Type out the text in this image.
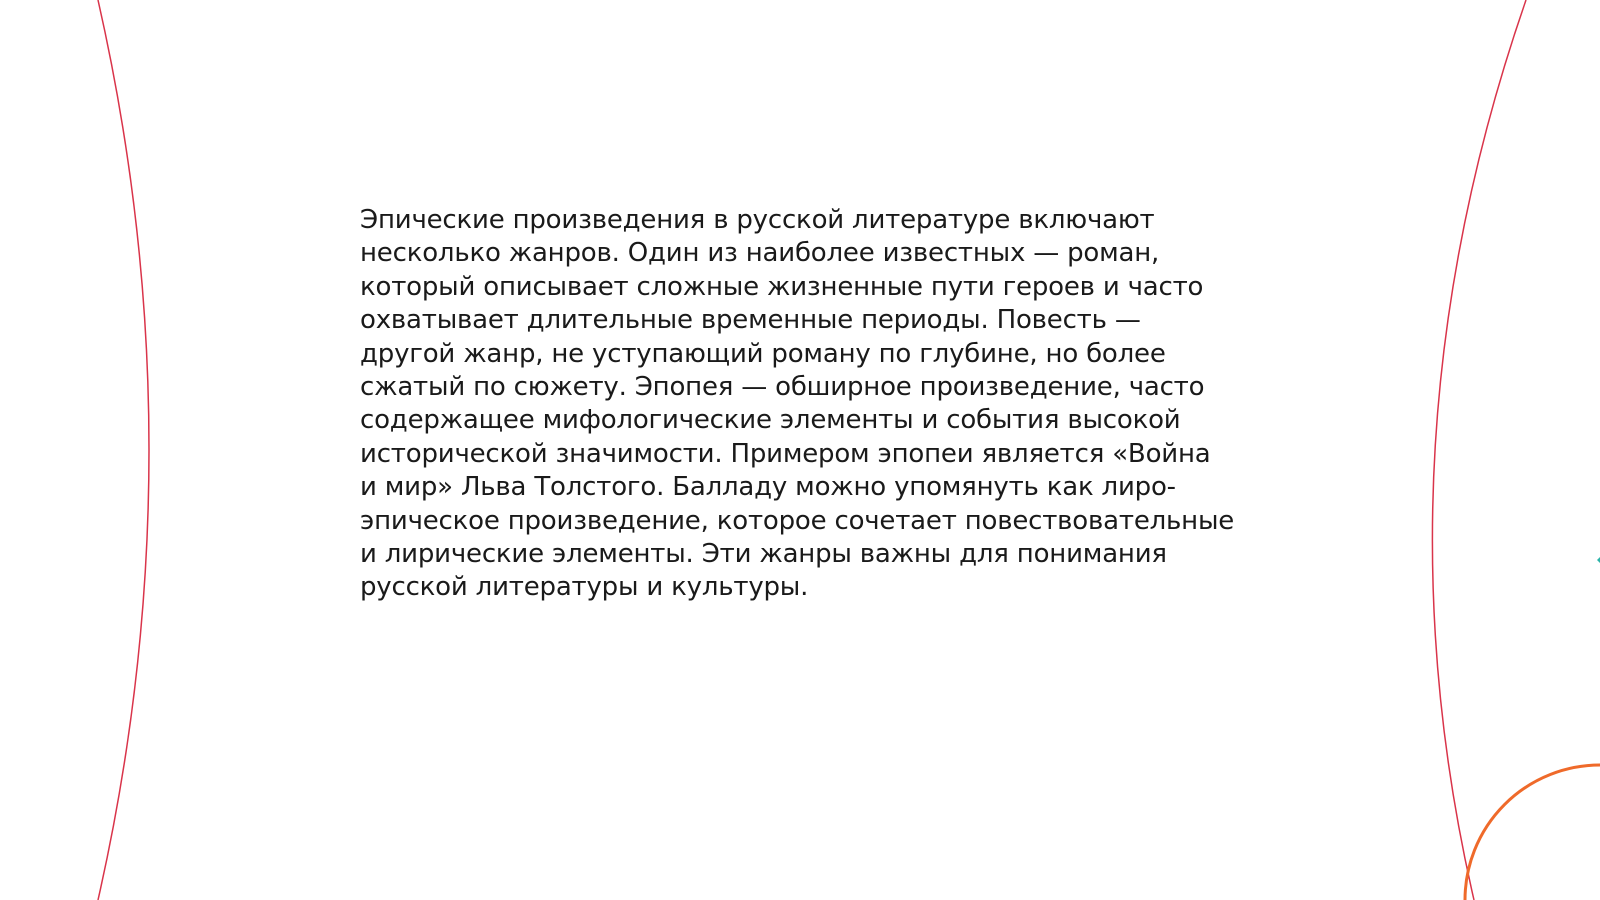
Эпические произведения в русской литературе включают
несколько жанров. Один из наиболее известных — роман,
который описывает сложные жизненные пути героев и часто
охватывает длительные временные периоды. Повесть —
другой жанр, не уступающий роману по глубине, но более
сжатый по сюжету. Эпопея — обширное произведение, часто
содержащее мифологические элементы и события высокой
исторической значимости. Примером эпопеи является «Война
и мир» Льва Толстого. Балладу можно упомянуть как лиро-
эпическое произведение, которое сочетает повествовательные
и лирические элементы. Эти жанры важны для понимания
русской литературы и культуры.
